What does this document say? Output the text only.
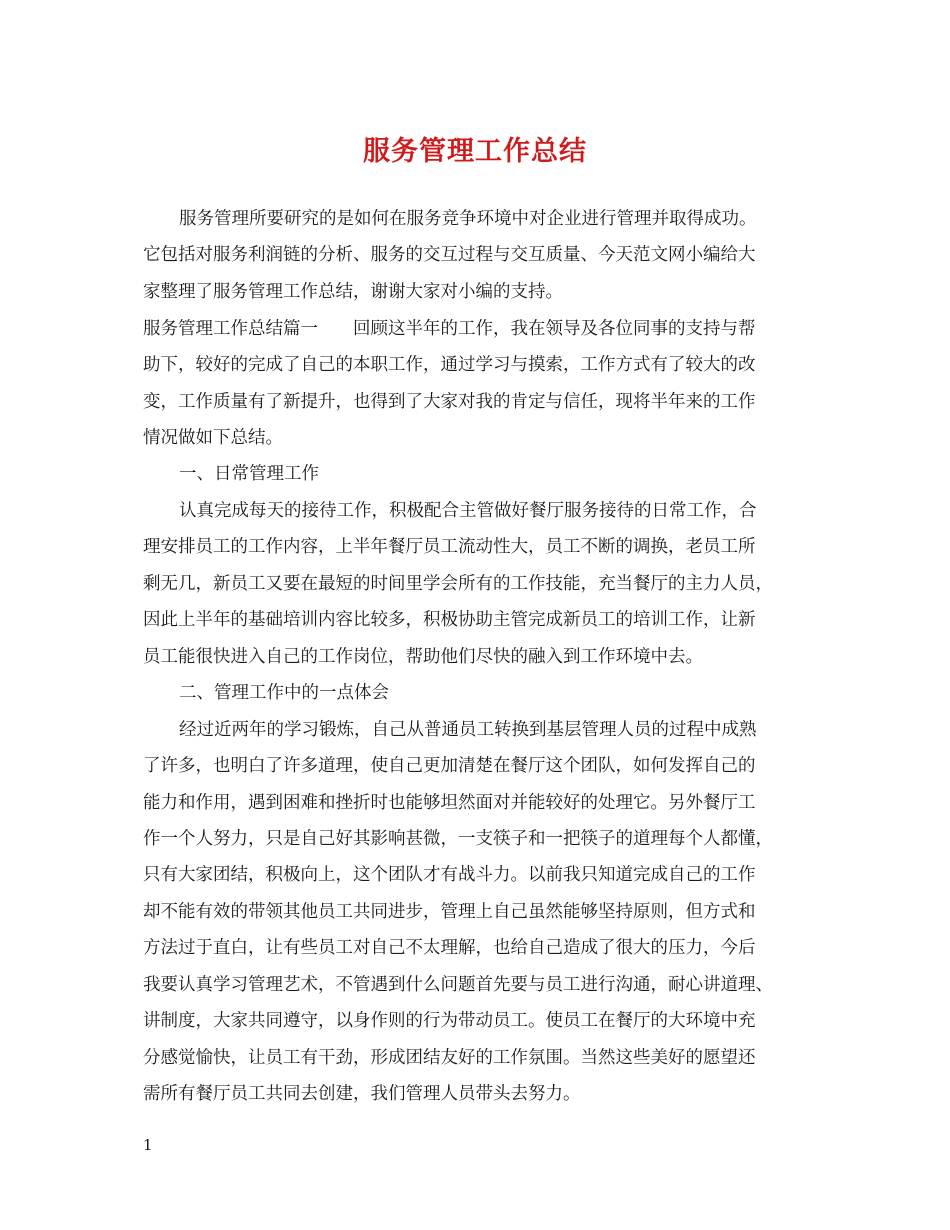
服务管理工作总结
服务管理所要研究的是如何在服务竞争环境中对企业进行管理并取得成功。
它包括对服务利润链的分析、服务的交互过程与交互质量、今天范文网小编给大
家整理了服务管理工作总结，谢谢大家对小编的支持。
服务管理工作总结篇一　　回顾这半年的工作，我在领导及各位同事的支持与帮
助下，较好的完成了自己的本职工作，通过学习与摸索，工作方式有了较大的改
变，工作质量有了新提升，也得到了大家对我的肯定与信任，现将半年来的工作
情况做如下总结。
一、日常管理工作
认真完成每天的接待工作，积极配合主管做好餐厅服务接待的日常工作，合
理安排员工的工作内容，上半年餐厅员工流动性大，员工不断的调换，老员工所
剩无几，新员工又要在最短的时间里学会所有的工作技能，充当餐厅的主力人员，
因此上半年的基础培训内容比较多，积极协助主管完成新员工的培训工作，让新
员工能很快进入自己的工作岗位，帮助他们尽快的融入到工作环境中去。
二、管理工作中的一点体会
经过近两年的学习锻炼，自己从普通员工转换到基层管理人员的过程中成熟
了许多，也明白了许多道理，使自己更加清楚在餐厅这个团队，如何发挥自己的
能力和作用，遇到困难和挫折时也能够坦然面对并能较好的处理它。另外餐厅工
作一个人努力，只是自己好其影响甚微，一支筷子和一把筷子的道理每个人都懂，
只有大家团结，积极向上，这个团队才有战斗力。以前我只知道完成自己的工作
却不能有效的带领其他员工共同进步，管理上自己虽然能够坚持原则，但方式和
方法过于直白，让有些员工对自己不太理解，也给自己造成了很大的压力，今后
我要认真学习管理艺术，不管遇到什么问题首先要与员工进行沟通，耐心讲道理、
讲制度，大家共同遵守，以身作则的行为带动员工。使员工在餐厅的大环境中充
分感觉愉快，让员工有干劲，形成团结友好的工作氛围。当然这些美好的愿望还
需所有餐厅员工共同去创建，我们管理人员带头去努力。
1
